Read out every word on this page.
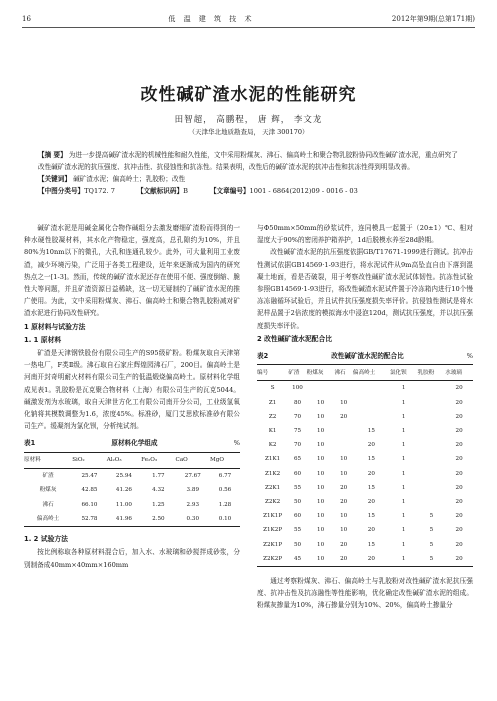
16	低 温 建 筑 技 术	2012年第9期(总第171期)
改性碱矿渣水泥的性能研究
田智超， 高鹏程， 唐 辉， 李文龙
（天津华北地质勘查局， 天津 300170）
【摘 要】 为进一步提高碱矿渣水泥的机械性能和耐久性能，文中采用粉煤灰、沸石、偏高岭土和聚合物乳胶粉协同改性碱矿渣水泥，重点研究了改性碱矿渣水泥的抗压强度、抗冲击性、抗侵蚀性和抗冻性。结果表明，改性后的碱矿渣水泥的抗冲击性和抗冻性得到明显改善。
【关键词】 碱矿渣水泥；偏高岭土；乳胶粉；改性
【中图分类号】TQ172. 7	【文献标识码】B	【文章编号】1001 - 6864(2012)09 - 0016 - 03

碱矿渣水泥是用碱金属化合物作碱组分去激发磨细矿渣粉而得到的一种水硬性胶凝材料，其水化产物稳定，强度高，总孔隙约为10%，并且80%为10nm以下的微孔，大孔和连通孔较少。此外，可大量利用工业废渣，减少环境污染，广泛用于各类工程建设，近年来逐渐成为国内的研究热点之一[1-3]。然而，传统的碱矿渣水泥还存在使用不便、强度倒缩、脆性大等问题，并且矿渣资源日益稀缺，这一切无疑制约了碱矿渣水泥的推广使用。为此，文中采用粉煤灰、沸石、偏高岭土和聚合物乳胶粉减对矿渣水泥进行协同改性研究。

1 原材料与试验方法
1. 1 原材料

矿渣是天津钢铁股份有限公司生产的S95级矿粉。粉煤灰取自天津第一热电厂，F类Ⅱ级。沸石取自石家庄辉煌园沸石厂，200目。偏高岭土是河南开封奇明耐火材料有限公司生产的低温煅烧偏高岭土。原材料化学组成见表1。乳胶粉是瓦克聚合物材料（上海）有限公司生产的瓦克5044。碱激发剂为水玻璃，取自天津世方化工有限公司南开分公司，工业级氢氧化钠将其模数调整为1.6，浓度45%。标准砂，厦门艾思欧标准砂有限公司生产。缓凝剂为氯化钡，分析纯试剂。

表1	原材料化学组成	%
原材料	SiO₂	Al₂O₃	Fe₂O₃	CaO	MgO
矿渣	25.47	25.94	1.77	27.67	6.77
粉煤灰	42.85	41.26	4.32	3.89	0.56
沸石	66.10	11.00	1.25	2.93	1.28
偏高岭土	52.78	41.96	2.50	0.30	0.10
1. 2 试验方法

按比例称取各种原材料混合后，加入水、水玻璃和砂搅拌成砂浆，分别制备成40mm×40mm×160mm

与Φ50mm×50mm的砂浆试件，连同模具一起置于（20±1）℃、相对湿度大于90%的密闭养护箱养护，1d后脱模水养至28d龄期。

改性碱矿渣水泥的抗压强度依据GB/T17671-1999进行测试。抗冲击性测试依据GB14569·1-93进行，将水泥试件从9m高坠直自由下落到混凝土地面，看是否破裂，用于考察改性碱矿渣水泥试体韧性。抗冻性试验参照GB14569·1-93进行，将改性碱渣水泥试件置于冷冻箱内进行10个慢冻冻融循环试验后，并且试件抗压强度损失率评价。抗侵蚀性测试是将水泥样品置于2倍浓度的模拟海水中浸泡120d，测试抗压强度，并以抗压强度损失率评价。

2 改性碱矿渣水泥配合比
表2	改性碱矿渣水泥的配合比	%
编号	矿渣	粉煤灰	沸石	偏高岭土	氯化钡	乳胶粉	水玻璃
S	100				1		20
Z1	80	10	10		1		20
Z2	70	10	20		1		20
K1	75	10		15	1		20
K2	70	10		20	1		20
Z1K1	65	10	10	15	1		20
Z1K2	60	10	10	20	1		20
Z2K1	55	10	20	15	1		20
Z2K2	50	10	20	20	1		20
Z1K1P	60	10	10	15	1	5	20
Z1K2P	55	10	10	20	1	5	20
Z2K1P	50	10	20	15	1	5	20
Z2K2P	45	10	20	20	1	5	20

通过考察粉煤灰、沸石、偏高岭土与乳胶粉对改性碱矿渣水泥抗压强度、抗冲击性及抗冻融性等性能影响，优化确定改性碱矿渣水泥的组成。粉煤灰掺量为10%，沸石掺量分别为10%、20%，偏高岭土掺量分
